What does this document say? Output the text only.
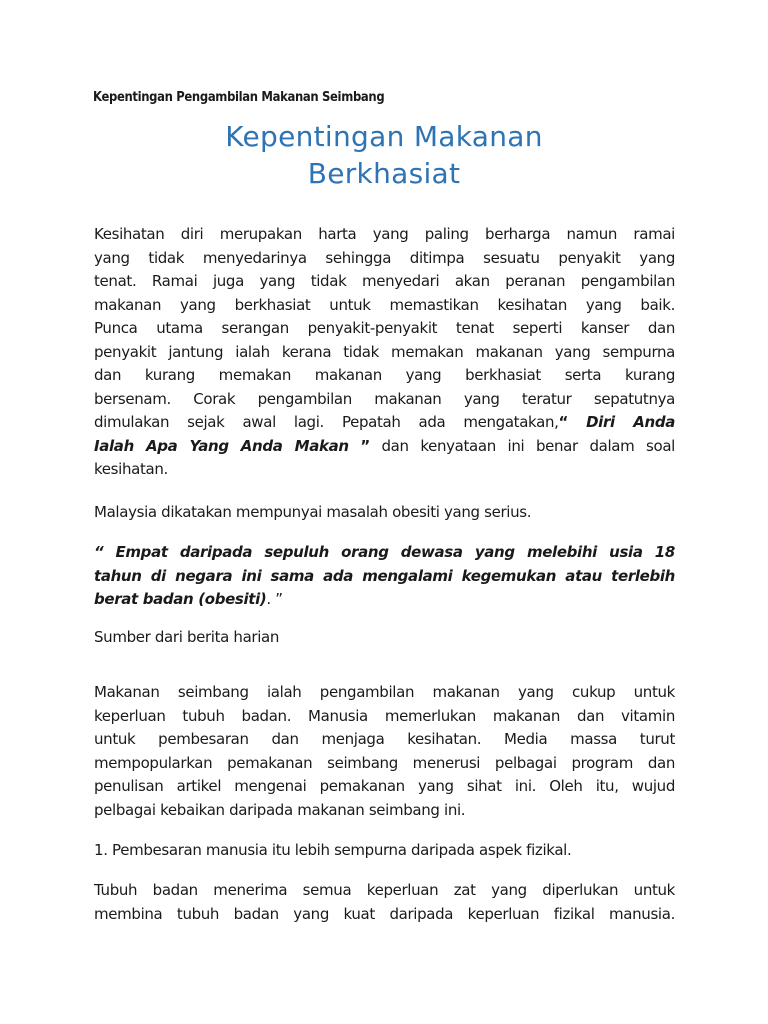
Kepentingan Pengambilan Makanan Seimbang
Kepentingan Makanan
Berkhasiat
Kesihatan diri merupakan harta yang paling berharga namun ramai
yang tidak menyedarinya sehingga ditimpa sesuatu penyakit yang
tenat. Ramai juga yang tidak menyedari akan peranan pengambilan
makanan yang berkhasiat untuk memastikan kesihatan yang baik.
Punca utama serangan penyakit-penyakit tenat seperti kanser dan
penyakit jantung ialah kerana tidak memakan makanan yang sempurna
dan kurang memakan makanan yang berkhasiat serta kurang
bersenam. Corak pengambilan makanan yang teratur sepatutnya
dimulakan sejak awal lagi. Pepatah ada mengatakan,“ Diri Anda
Ialah Apa Yang Anda Makan ” dan kenyataan ini benar dalam soal
kesihatan.
Malaysia dikatakan mempunyai masalah obesiti yang serius.
“ Empat daripada sepuluh orang dewasa yang melebihi usia 18
tahun di negara ini sama ada mengalami kegemukan atau terlebih
berat badan (obesiti). ”
Sumber dari berita harian
Makanan seimbang ialah pengambilan makanan yang cukup untuk
keperluan tubuh badan. Manusia memerlukan makanan dan vitamin
untuk pembesaran dan menjaga kesihatan. Media massa turut
mempopularkan pemakanan seimbang menerusi pelbagai program dan
penulisan artikel mengenai pemakanan yang sihat ini. Oleh itu, wujud
pelbagai kebaikan daripada makanan seimbang ini.
1. Pembesaran manusia itu lebih sempurna daripada aspek fizikal.
Tubuh badan menerima semua keperluan zat yang diperlukan untuk
membina tubuh badan yang kuat daripada keperluan fizikal manusia.
